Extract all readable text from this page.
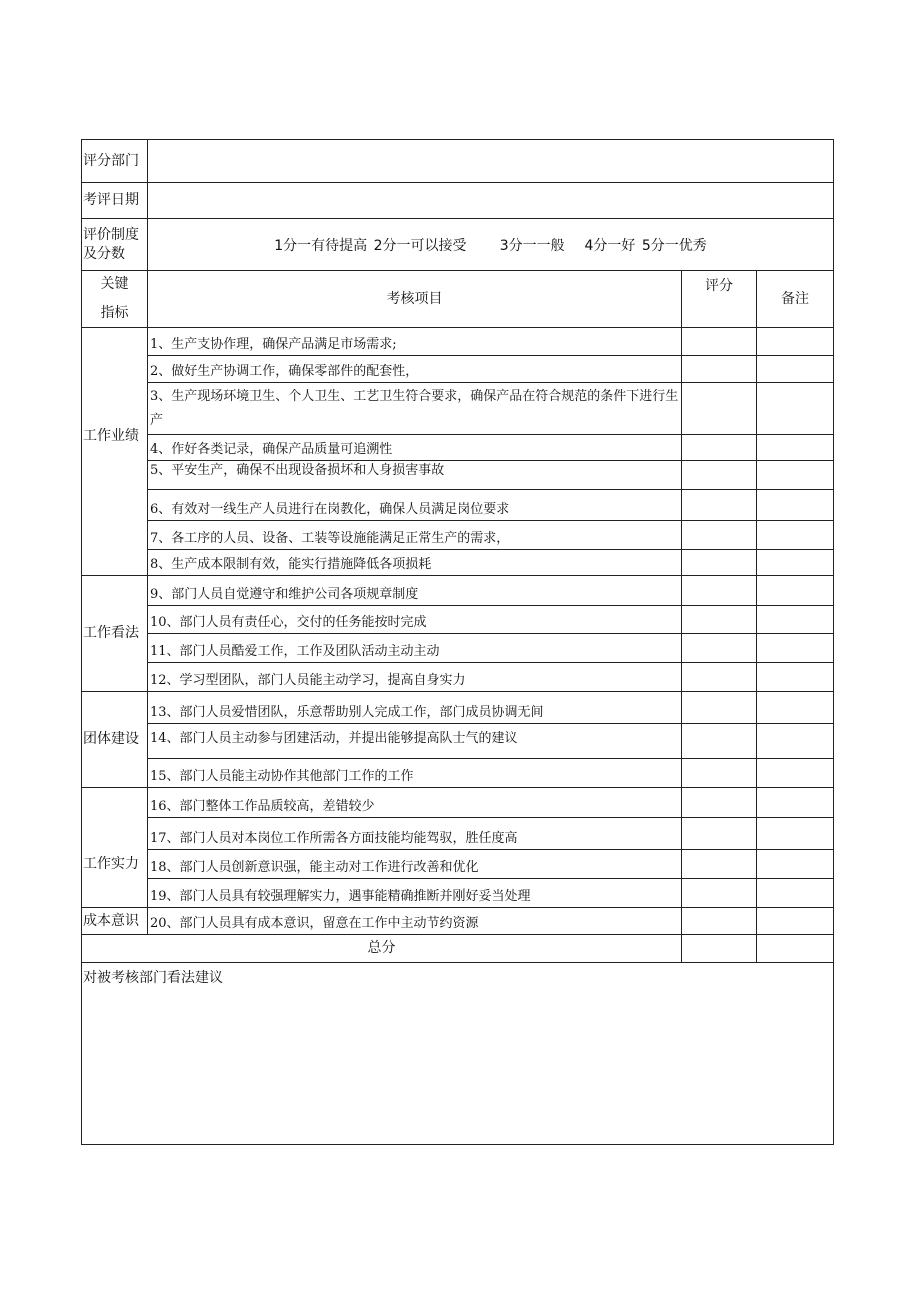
评分部门			
考评日期			

评价制度
及分数	1分一有待提高 2分一可以接受 3分一一般 4分一好 5分一优秀		

关键
指标	考核项目	评分	备注
工作业绩	1、生产支协作理，确保产品满足市场需求;		
	2、做好生产协调工作，确保零部件的配套性，		
	3、生产现场环境卫生、个人卫生、工艺卫生符合要求，确保产品在符合规范的条件下进行生产		
	4、作好各类记录，确保产品质量可追溯性		
	5、平安生产，确保不出现设备损坏和人身损害事故		
	6、有效对一线生产人员进行在岗教化，确保人员满足岗位要求		
	7、各工序的人员、设备、工装等设施能满足正常生产的需求，		
	8、生产成本限制有效，能实行措施降低各项损耗		
工作看法	9、部门人员自觉遵守和维护公司各项规章制度		
	10、部门人员有责任心，交付的任务能按时完成		
	11、部门人员酷爱工作，工作及团队活动主动主动		
	12、学习型团队，部门人员能主动学习，提高自身实力		
团体建设	13、部门人员爱惜团队，乐意帮助别人完成工作，部门成员协调无间		
	14、部门人员主动参与团建活动，并提出能够提高队士气的建议		
	15、部门人员能主动协作其他部门工作的工作		
工作实力	16、部门整体工作品质较高，差错较少		
	17、部门人员对本岗位工作所需各方面技能均能驾驭，胜任度高		
	18、部门人员创新意识强，能主动对工作进行改善和优化		
	19、部门人员具有较强理解实力，遇事能精确推断并刚好妥当处理		
成本意识	20、部门人员具有成本意识，留意在工作中主动节约资源		
总分			
对被考核部门看法建议			
